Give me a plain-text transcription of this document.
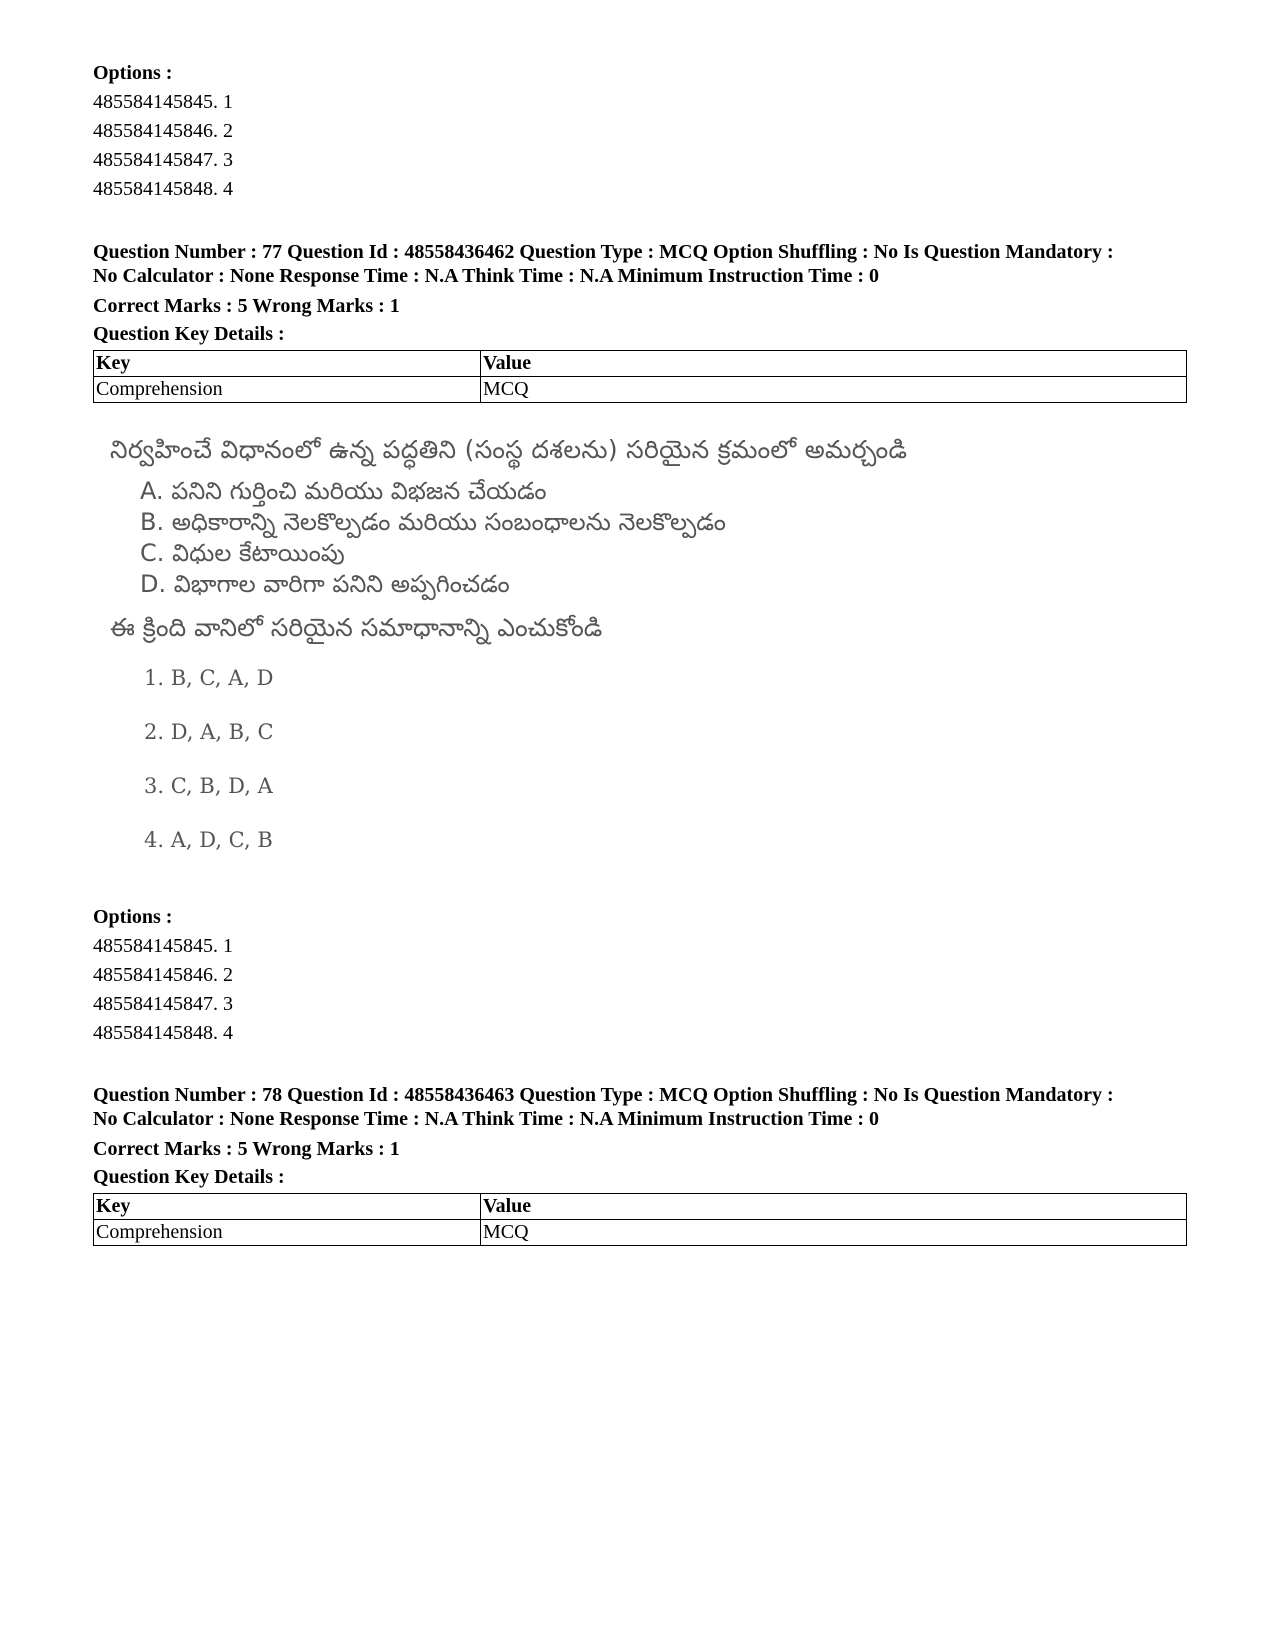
Options :
485584145845. 1
485584145846. 2
485584145847. 3
485584145848. 4
Question Number : 77 Question Id : 48558436462 Question Type : MCQ Option Shuffling : No Is Question Mandatory :
No Calculator : None Response Time : N.A Think Time : N.A Minimum Instruction Time : 0
Correct Marks : 5 Wrong Marks : 1
Question Key Details :
Key	Value
Comprehension	MCQ
నిర్వహించే విధానంలో ఉన్న పద్ధతిని (సంస్థ దశలను) సరియైన క్రమంలో అమర్చండి
A. పనిని గుర్తించి మరియు విభజన చేయడం
B. అధికారాన్ని నెలకొల్పడం మరియు సంబంధాలను నెలకొల్పడం
C. విధుల కేటాయింపు
D. విభాగాల వారిగా పనిని అప్పగించడం
ఈ క్రింది వానిలో సరియైన సమాధానాన్ని ఎంచుకోండి
1. B, C, A, D
2. D, A, B, C
3. C, B, D, A
4. A, D, C, B
Options :
485584145845. 1
485584145846. 2
485584145847. 3
485584145848. 4
Question Number : 78 Question Id : 48558436463 Question Type : MCQ Option Shuffling : No Is Question Mandatory :
No Calculator : None Response Time : N.A Think Time : N.A Minimum Instruction Time : 0
Correct Marks : 5 Wrong Marks : 1
Question Key Details :
Key	Value
Comprehension	MCQ
